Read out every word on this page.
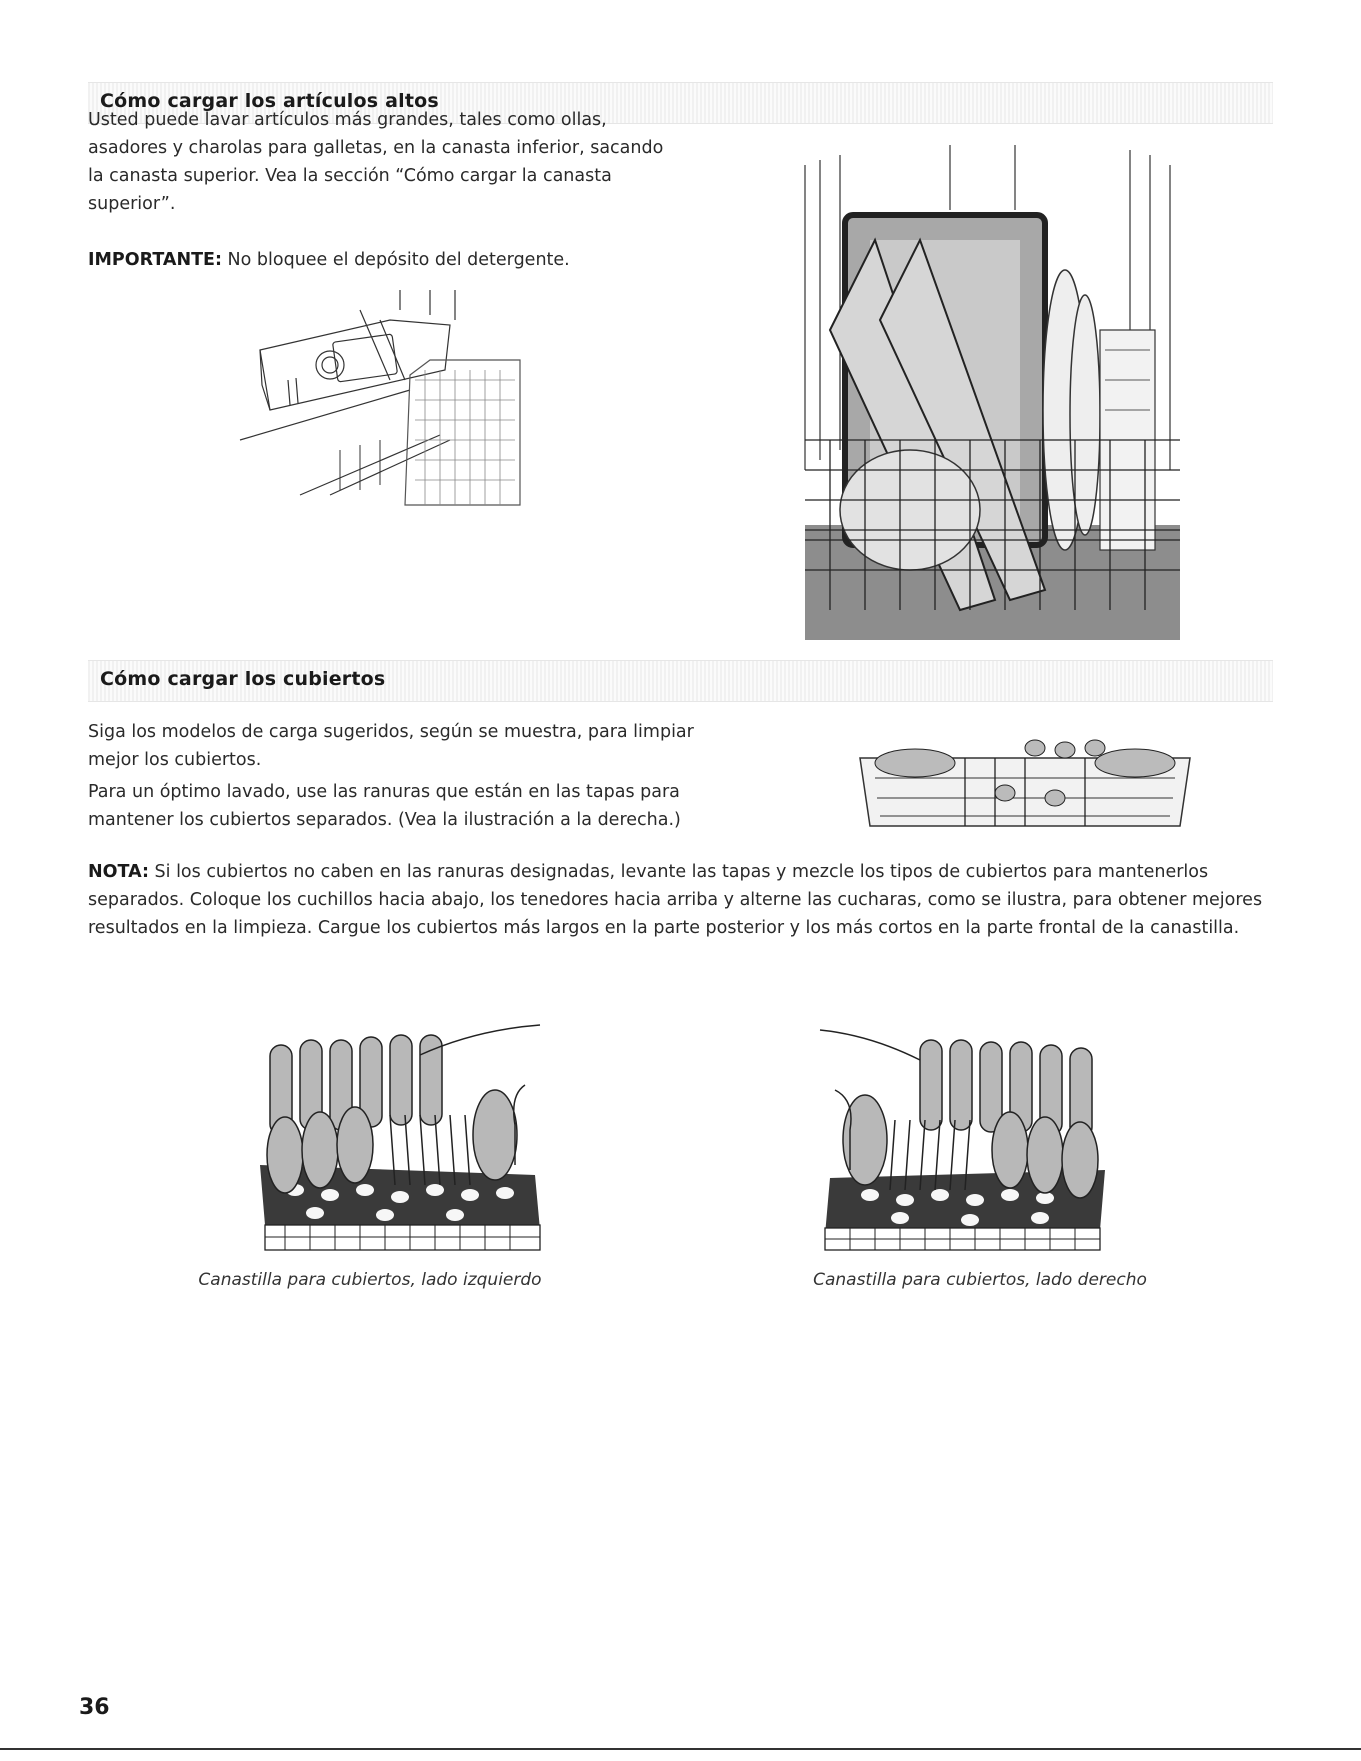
Cómo cargar los artículos altos

Usted puede lavar artículos más grandes, tales como ollas, asadores y charolas para galletas, en la canasta inferior, sacando la canasta superior. Vea la sección “Cómo cargar la canasta superior”.

IMPORTANTE: No bloquee el depósito del detergente.

Cómo cargar los cubiertos

Siga los modelos de carga sugeridos, según se muestra, para limpiar mejor los cubiertos.

Para un óptimo lavado, use las ranuras que están en las tapas para mantener los cubiertos separados. (Vea la ilustración a la derecha.)

NOTA: Si los cubiertos no caben en las ranuras designadas, levante las tapas y mezcle los tipos de cubiertos para mantenerlos separados. Coloque los cuchillos hacia abajo, los tenedores hacia arriba y alterne las cucharas, como se ilustra, para obtener mejores resultados en la limpieza. Cargue los cubiertos más largos en la parte posterior y los más cortos en la parte frontal de la canastilla.

Canastilla para cubiertos, lado izquierdo	Canastilla para cubiertos, lado derecho
36
